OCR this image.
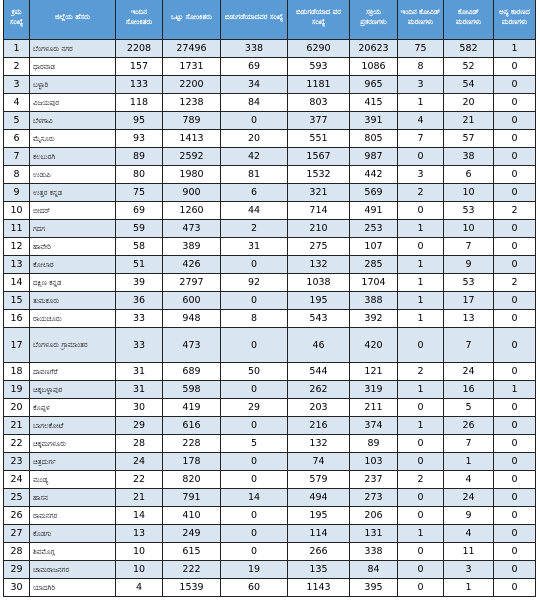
ಕ್ರಮ ಸಂಖ್ಯೆ	ಜಿಲ್ಲೆಯ ಹೆಸರು	ಇಂದಿನ ಸೋಂಕಿತರು	ಒಟ್ಟು ಸೋಂಕಿತರು	ಬಿಡುಗಡೆಯಾದವರ ಸಂಖ್ಯೆ	ಬಿಡುಗಡೆಯಾದ ವರ ಸಂಖ್ಯೆ	ಸಕ್ರಿಯ ಪ್ರಕರಣಗಳು	ಇಂದಿನ ಕೋವಿಡ್ ಮರಣಗಳು	ಕೋವಿಡ್ ಮರಣಗಳು	ಅನ್ಯ ಕಾರಣದ ಮರಣಗಳು
1	ಬೆಂಗಳೂರು ನಗರ	2208	27496	338	6290	20623	75	582	1
2	ಧಾರವಾಡ	157	1731	69	593	1086	8	52	0
3	ಬಳ್ಳಾರಿ	133	2200	34	1181	965	3	54	0
4	ವಿಜಯಪುರ	118	1238	84	803	415	1	20	0
5	ಬೆಳಗಾವಿ	95	789	0	377	391	4	21	0
6	ಮೈಸೂರು	93	1413	20	551	805	7	57	0
7	ಕಲಬುರಗಿ	89	2592	42	1567	987	0	38	0
8	ಉಡುಪಿ	80	1980	81	1532	442	3	6	0
9	ಉತ್ತರ ಕನ್ನಡ	75	900	6	321	569	2	10	0
10	ಬೀದರ್	69	1260	44	714	491	0	53	2
11	ಗದಗ	59	473	2	210	253	1	10	0
12	ಹಾವೇರಿ	58	389	31	275	107	0	7	0
13	ಕೋಲಾರ	51	426	0	132	285	1	9	0
14	ದಕ್ಷಿಣ ಕನ್ನಡ	39	2797	92	1038	1704	1	53	2
15	ತುಮಕೂರು	36	600	0	195	388	1	17	0
16	ರಾಯಚೂರು	33	948	8	543	392	1	13	0
17	ಬೆಂಗಳೂರು ಗ್ರಾಮಾಂತರ	33	473	0	46	420	0	7	0
18	ದಾವಣಗೆರೆ	31	689	50	544	121	2	24	0
19	ಚಿಕ್ಕಬಳ್ಳಾಪುರ	31	598	0	262	319	1	16	1
20	ಕೊಪ್ಪಳ	30	419	29	203	211	0	5	0
21	ಬಾಗಲಕೋಟೆ	29	616	0	216	374	1	26	0
22	ಚಿಕ್ಕಮಗಳೂರು	28	228	5	132	89	0	7	0
23	ಚಿತ್ರದುರ್ಗ	24	178	0	74	103	0	1	0
24	ಮಂಡ್ಯ	22	820	0	579	237	2	4	0
25	ಹಾಸನ	21	791	14	494	273	0	24	0
26	ರಾಮನಗರ	14	410	0	195	206	0	9	0
27	ಕೊಡಗು	13	249	0	114	131	1	4	0
28	ಶಿವಮೊಗ್ಗ	10	615	0	266	338	0	11	0
29	ಚಾಮರಾಜನಗರ	10	222	19	135	84	0	3	0
30	ಯಾದಗಿರಿ	4	1539	60	1143	395	0	1	0
